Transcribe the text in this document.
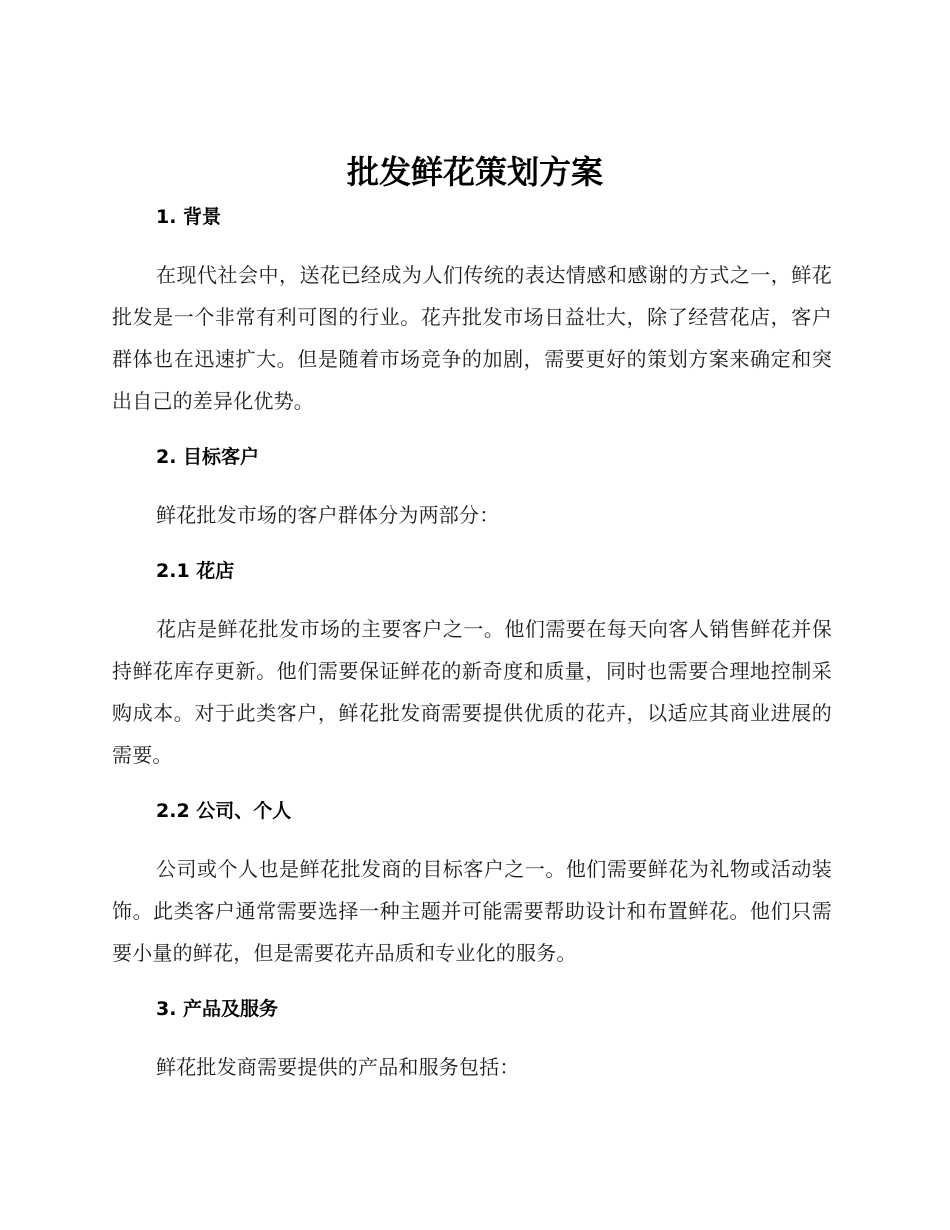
批发鲜花策划方案
1. 背景

在现代社会中，送花已经成为人们传统的表达情感和感谢的方式之一，鲜花批发是一个非常有利可图的行业。花卉批发市场日益壮大，除了经营花店，客户群体也在迅速扩大。但是随着市场竞争的加剧，需要更好的策划方案来确定和突出自己的差异化优势。

2. 目标客户

鲜花批发市场的客户群体分为两部分：

2.1 花店

花店是鲜花批发市场的主要客户之一。他们需要在每天向客人销售鲜花并保持鲜花库存更新。他们需要保证鲜花的新奇度和质量，同时也需要合理地控制采购成本。对于此类客户，鲜花批发商需要提供优质的花卉，以适应其商业进展的需要。

2.2 公司、个人

公司或个人也是鲜花批发商的目标客户之一。他们需要鲜花为礼物或活动装饰。此类客户通常需要选择一种主题并可能需要帮助设计和布置鲜花。他们只需要小量的鲜花，但是需要花卉品质和专业化的服务。

3. 产品及服务

鲜花批发商需要提供的产品和服务包括：
